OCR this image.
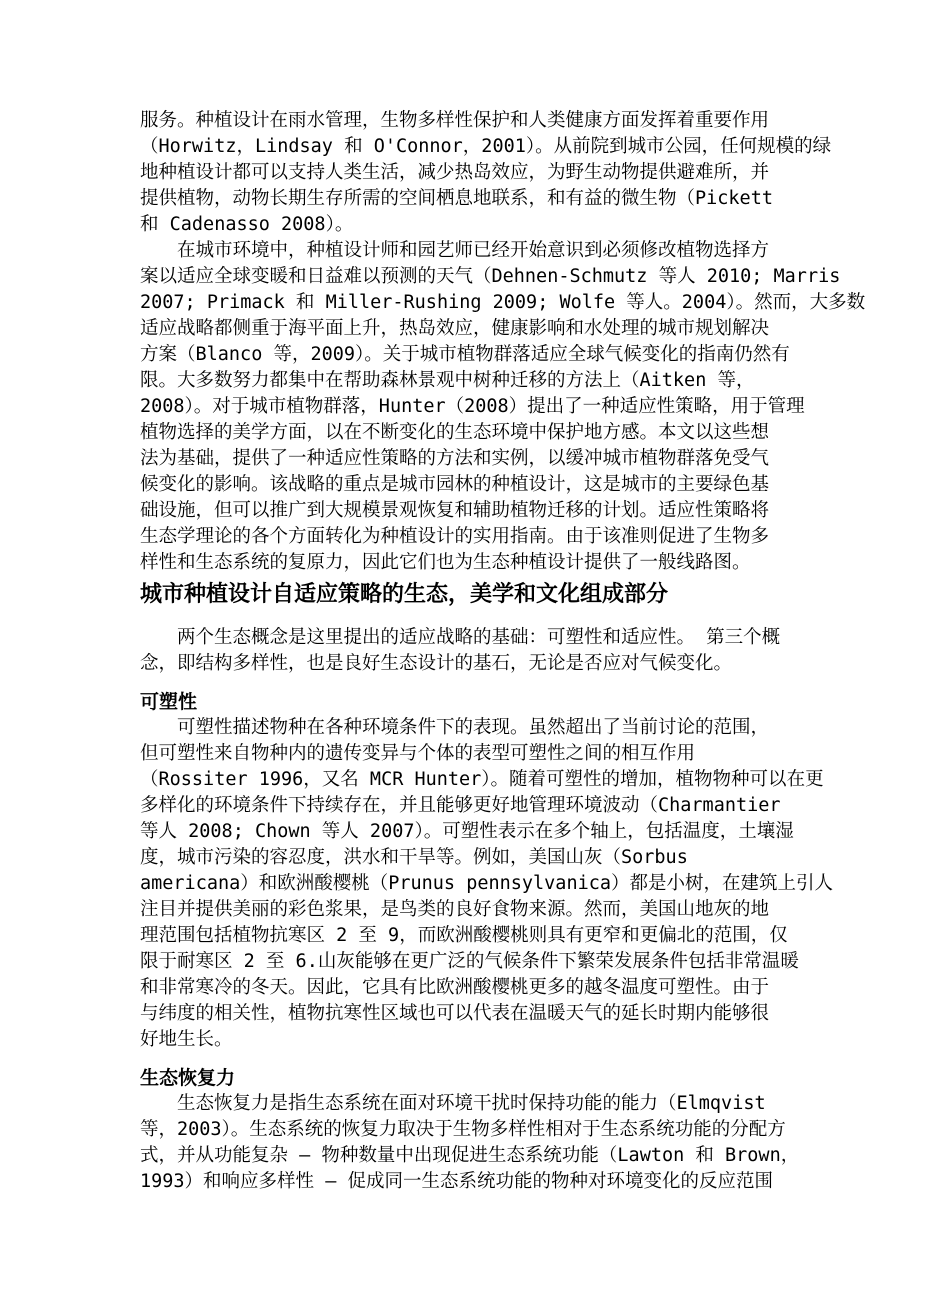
服务。种植设计在雨水管理，生物多样性保护和人类健康方面发挥着重要作用
（Horwitz，Lindsay 和 O'Connor，2001）。从前院到城市公园，任何规模的绿
地种植设计都可以支持人类生活，减少热岛效应，为野生动物提供避难所，并
提供植物，动物长期生存所需的空间栖息地联系，和有益的微生物（Pickett
和 Cadenasso 2008）。
在城市环境中，种植设计师和园艺师已经开始意识到必须修改植物选择方
案以适应全球变暖和日益难以预测的天气（Dehnen-Schmutz 等人 2010; Marris
2007; Primack 和 Miller-Rushing 2009; Wolfe 等人。2004）。然而，大多数
适应战略都侧重于海平面上升，热岛效应，健康影响和水处理的城市规划解决
方案（Blanco 等，2009）。关于城市植物群落适应全球气候变化的指南仍然有
限。大多数努力都集中在帮助森林景观中树种迁移的方法上（Aitken 等，
2008）。对于城市植物群落，Hunter（2008）提出了一种适应性策略，用于管理
植物选择的美学方面，以在不断变化的生态环境中保护地方感。本文以这些想
法为基础，提供了一种适应性策略的方法和实例，以缓冲城市植物群落免受气
候变化的影响。该战略的重点是城市园林的种植设计，这是城市的主要绿色基
础设施，但可以推广到大规模景观恢复和辅助植物迁移的计划。适应性策略将
生态学理论的各个方面转化为种植设计的实用指南。由于该准则促进了生物多
样性和生态系统的复原力，因此它们也为生态种植设计提供了一般线路图。
城市种植设计自适应策略的生态，美学和文化组成部分
两个生态概念是这里提出的适应战略的基础：可塑性和适应性。 第三个概
念，即结构多样性，也是良好生态设计的基石，无论是否应对气候变化。
可塑性
可塑性描述物种在各种环境条件下的表现。虽然超出了当前讨论的范围，
但可塑性来自物种内的遗传变异与个体的表型可塑性之间的相互作用
（Rossiter 1996，又名 MCR Hunter）。随着可塑性的增加，植物物种可以在更
多样化的环境条件下持续存在，并且能够更好地管理环境波动（Charmantier
等人 2008; Chown 等人 2007）。可塑性表示在多个轴上，包括温度，土壤湿
度，城市污染的容忍度，洪水和干旱等。例如，美国山灰（Sorbus
americana）和欧洲酸樱桃（Prunus pennsylvanica）都是小树，在建筑上引人
注目并提供美丽的彩色浆果，是鸟类的良好食物来源。然而，美国山地灰的地
理范围包括植物抗寒区 2 至 9，而欧洲酸樱桃则具有更窄和更偏北的范围，仅
限于耐寒区 2 至 6.山灰能够在更广泛的气候条件下繁荣发展条件包括非常温暖
和非常寒冷的冬天。因此，它具有比欧洲酸樱桃更多的越冬温度可塑性。由于
与纬度的相关性，植物抗寒性区域也可以代表在温暖天气的延长时期内能够很
好地生长。
生态恢复力
生态恢复力是指生态系统在面对环境干扰时保持功能的能力（Elmqvist
等，2003）。生态系统的恢复力取决于生物多样性相对于生态系统功能的分配方
式，并从功能复杂 – 物种数量中出现促进生态系统功能（Lawton 和 Brown，
1993）和响应多样性 – 促成同一生态系统功能的物种对环境变化的反应范围
